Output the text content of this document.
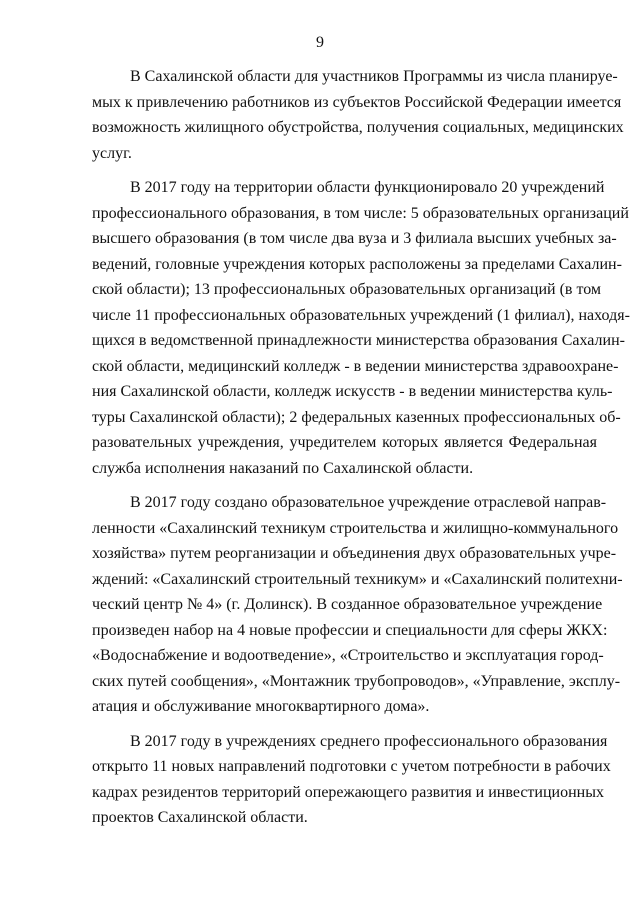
9

В Сахалинской области для участников Программы из числа планируе-
мых к привлечению работников из субъектов Российской Федерации имеется
возможность жилищного обустройства, получения социальных, медицинских
услуг.

В 2017 году на территории области функционировало 20 учреждений
профессионального образования, в том числе: 5 образовательных организаций
высшего образования (в том числе два вуза и 3 филиала высших учебных за-
ведений, головные учреждения которых расположены за пределами Сахалин-
ской области); 13 профессиональных образовательных организаций (в том
числе 11 профессиональных образовательных учреждений (1 филиал), находя-
щихся в ведомственной принадлежности министерства образования Сахалин-
ской области, медицинский колледж - в ведении министерства здравоохране-
ния Сахалинской области, колледж искусств - в ведении министерства куль-
туры Сахалинской области); 2 федеральных казенных профессиональных об-
разовательных учреждения, учредителем которых является Федеральная
служба исполнения наказаний по Сахалинской области.

В 2017 году создано образовательное учреждение отраслевой направ-
ленности «Сахалинский техникум строительства и жилищно-коммунального
хозяйства» путем реорганизации и объединения двух образовательных учре-
ждений: «Сахалинский строительный техникум» и «Сахалинский политехни-
ческий центр № 4» (г. Долинск). В созданное образовательное учреждение
произведен набор на 4 новые профессии и специальности для сферы ЖКХ:
«Водоснабжение и водоотведение», «Строительство и эксплуатация город-
ских путей сообщения», «Монтажник трубопроводов», «Управление, эксплу-
атация и обслуживание многоквартирного дома».

В 2017 году в учреждениях среднего профессионального образования
открыто 11 новых направлений подготовки с учетом потребности в рабочих
кадрах резидентов территорий опережающего развития и инвестиционных
проектов Сахалинской области.
